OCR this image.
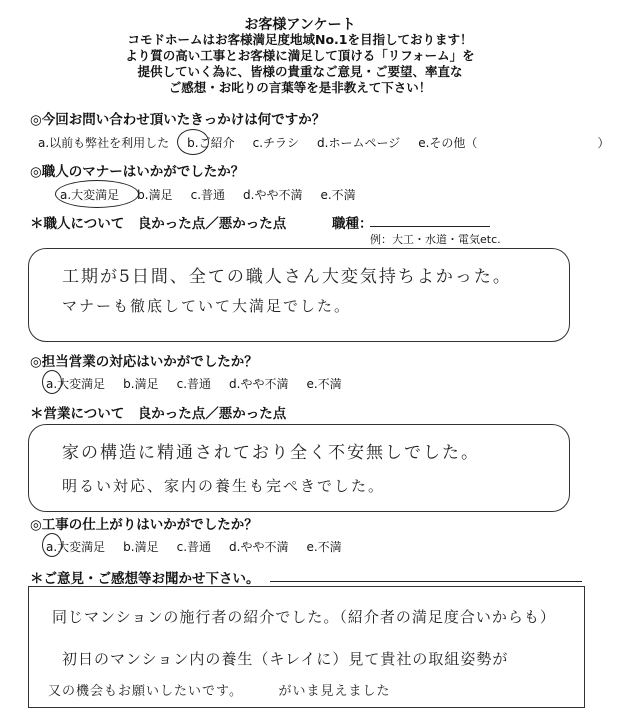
お客様アンケート
コモドホームはお客様満足度地域No.1を目指しております！
より質の高い工事とお客様に満足して頂ける「リフォーム」を
提供していく為に、皆様の貴重なご意見・ご要望、率直な
ご感想・お叱りの言葉等を是非教えて下さい！
◎今回お問い合わせ頂いたきっかけは何ですか？
a.以前も弊社を利用した b.ご紹介 c.チラシ d.ホームページ e.その他（	）
◎職人のマナーはいかがでしたか？
a.大変満足 b.満足 c.普通 d.やや不満 e.不満
＊職人について　良かった点／悪かった点	職種：
例：大工・水道・電気etc.
工期が5日間、全ての職人さん大変気持ちよかった。
マナーも徹底していて大満足でした。
◎担当営業の対応はいかがでしたか？
a.大変満足 b.満足 c.普通 d.やや不満 e.不満
＊営業について　良かった点／悪かった点
家の構造に精通されており全く不安無しでした。
明るい対応、家内の養生も完ぺきでした。
◎工事の仕上がりはいかがでしたか？
a.大変満足 b.満足 c.普通 d.やや不満 e.不満
＊ご意見・ご感想等お聞かせ下さい。
同じマンションの施行者の紹介でした。（紹介者の満足度合いからも）
初日のマンション内の養生（キレイに）見て貴社の取組姿勢が
又の機会もお願いしたいです。　　　がいま見えました
